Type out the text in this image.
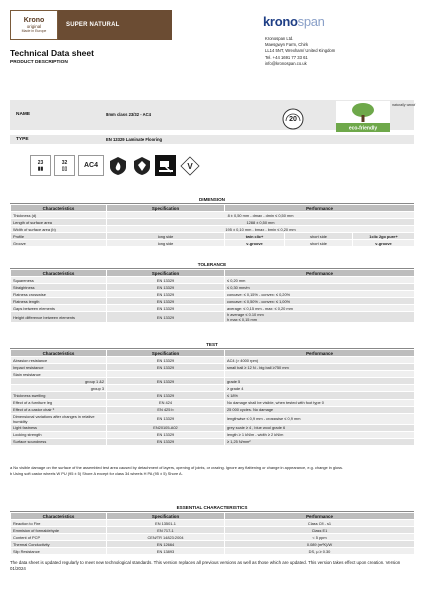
Krono
original
Made in Europe
SUPER NATURAL	kronospan
Kronospan Ltd.
Maesgwyn Farm, Chirk
LL14 5NT, Wrexham/ United Kingdom
Tel. +44 1691 77 33 61
info@kronospan.co.uk
Technical Data sheet
PRODUCT DESCRIPTION
NAME	8mm class 23/32 - AC4
20
eco-friendly
naturally wood
TYPE	EN 13329 Laminate Flooring
23
▮▮
32
▯▯ AC4	V
DIMENSION
Characteristics	Specification	Performance		
Thickness (d)	8 ± 0,50 mm - dmax - dmin ≤ 0,50 mm			
Length of surface area	1288 ± 0,50 mm			
Width of surface area (b)	195 ± 0,10 mm - bmax - bmin ≤ 0,20 mm			
Profile	long side	twin clic+	short side	1clic 2go pure+
Groove	long side	v-groove	short side	v-groove
TOLERANCE
Characteristics	Specification	Performance
Squareness	EN 13329	≤ 0,20 mm
Straightness	EN 13329	≤ 0,30 mm/m
Flatness crosswise	EN 13329	concave: ≤ 0,15% - convex: ≤ 0,20%
Flatness length	EN 13329	concave: ≤ 0,50% - convex: ≤ 1,00%
Gaps between elements	EN 13329	average: ≤ 0,15 mm - max: ≤ 0,20 mm
Height difference between elements	EN 13329	h average ≤ 0.10 mm
h max ≤ 0,15 mm
TEST
Characteristics	Specification	Performance
Abrasion resistance	EN 13329	AC4 (> 4000 rpm)
Impact resistance	EN 13329	small ball ≥ 12 N - big ball ≥750 mm
Stain resistance		
group 1 &2	EN 13329	grade 5
group 3		≥ grade 4
Thickness swelling	EN 13329	≤ 18%
Effect of a furniture leg	EN 424	No damage shall be visible, when tested with foot type 0
Effect of a castor chair ᵇ	EN 425 b	25 000 cycles. No damage
Dimensional variations after changes in relative humidity	EN 13329	lengthwise ≤ 0,9 mm - crosswise ≤ 0,9 mm
Light fastness	EN20105-A02	grey scale ≥ 4 , blue wool grade 6
Locking strength	EN 13329	length ≥ 1 kN/m - width ≥ 2 kN/m
Surface soundness	EN 13329	≥ 1,25 N/mm²
a No visible damage on the surface of the assembled test area caused by detachment of layers, opening of joints, or crazing. Ignore any flattening or change in appearance, e.g. change in gloss.
b Using soft castor wheels W PU (95 ± 5) Shore A except for class 34 wheels H PA (95 ± 5) Shore A.
ESSENTIAL CHARACTERISTICS
Characteristics	Specification	Performance
Reaction to Fire	EN 13501-1	Class Cfl - s1
Emmision of formaldehyde	EN 717-1	Class E1
Content of PCP	CEN/TR 14823:2004	< 5 ppm
Thermal Conductivity	EN 12664	0.089 (m²K)/W
Slip Resistance	EN 13893	DS, μ ≥ 0.30
The data sheet is updated regularly to meet new technological standards. This version replaces all previous versions as well as those which are updated. This version takes effect upon creation. Version 01/2024
